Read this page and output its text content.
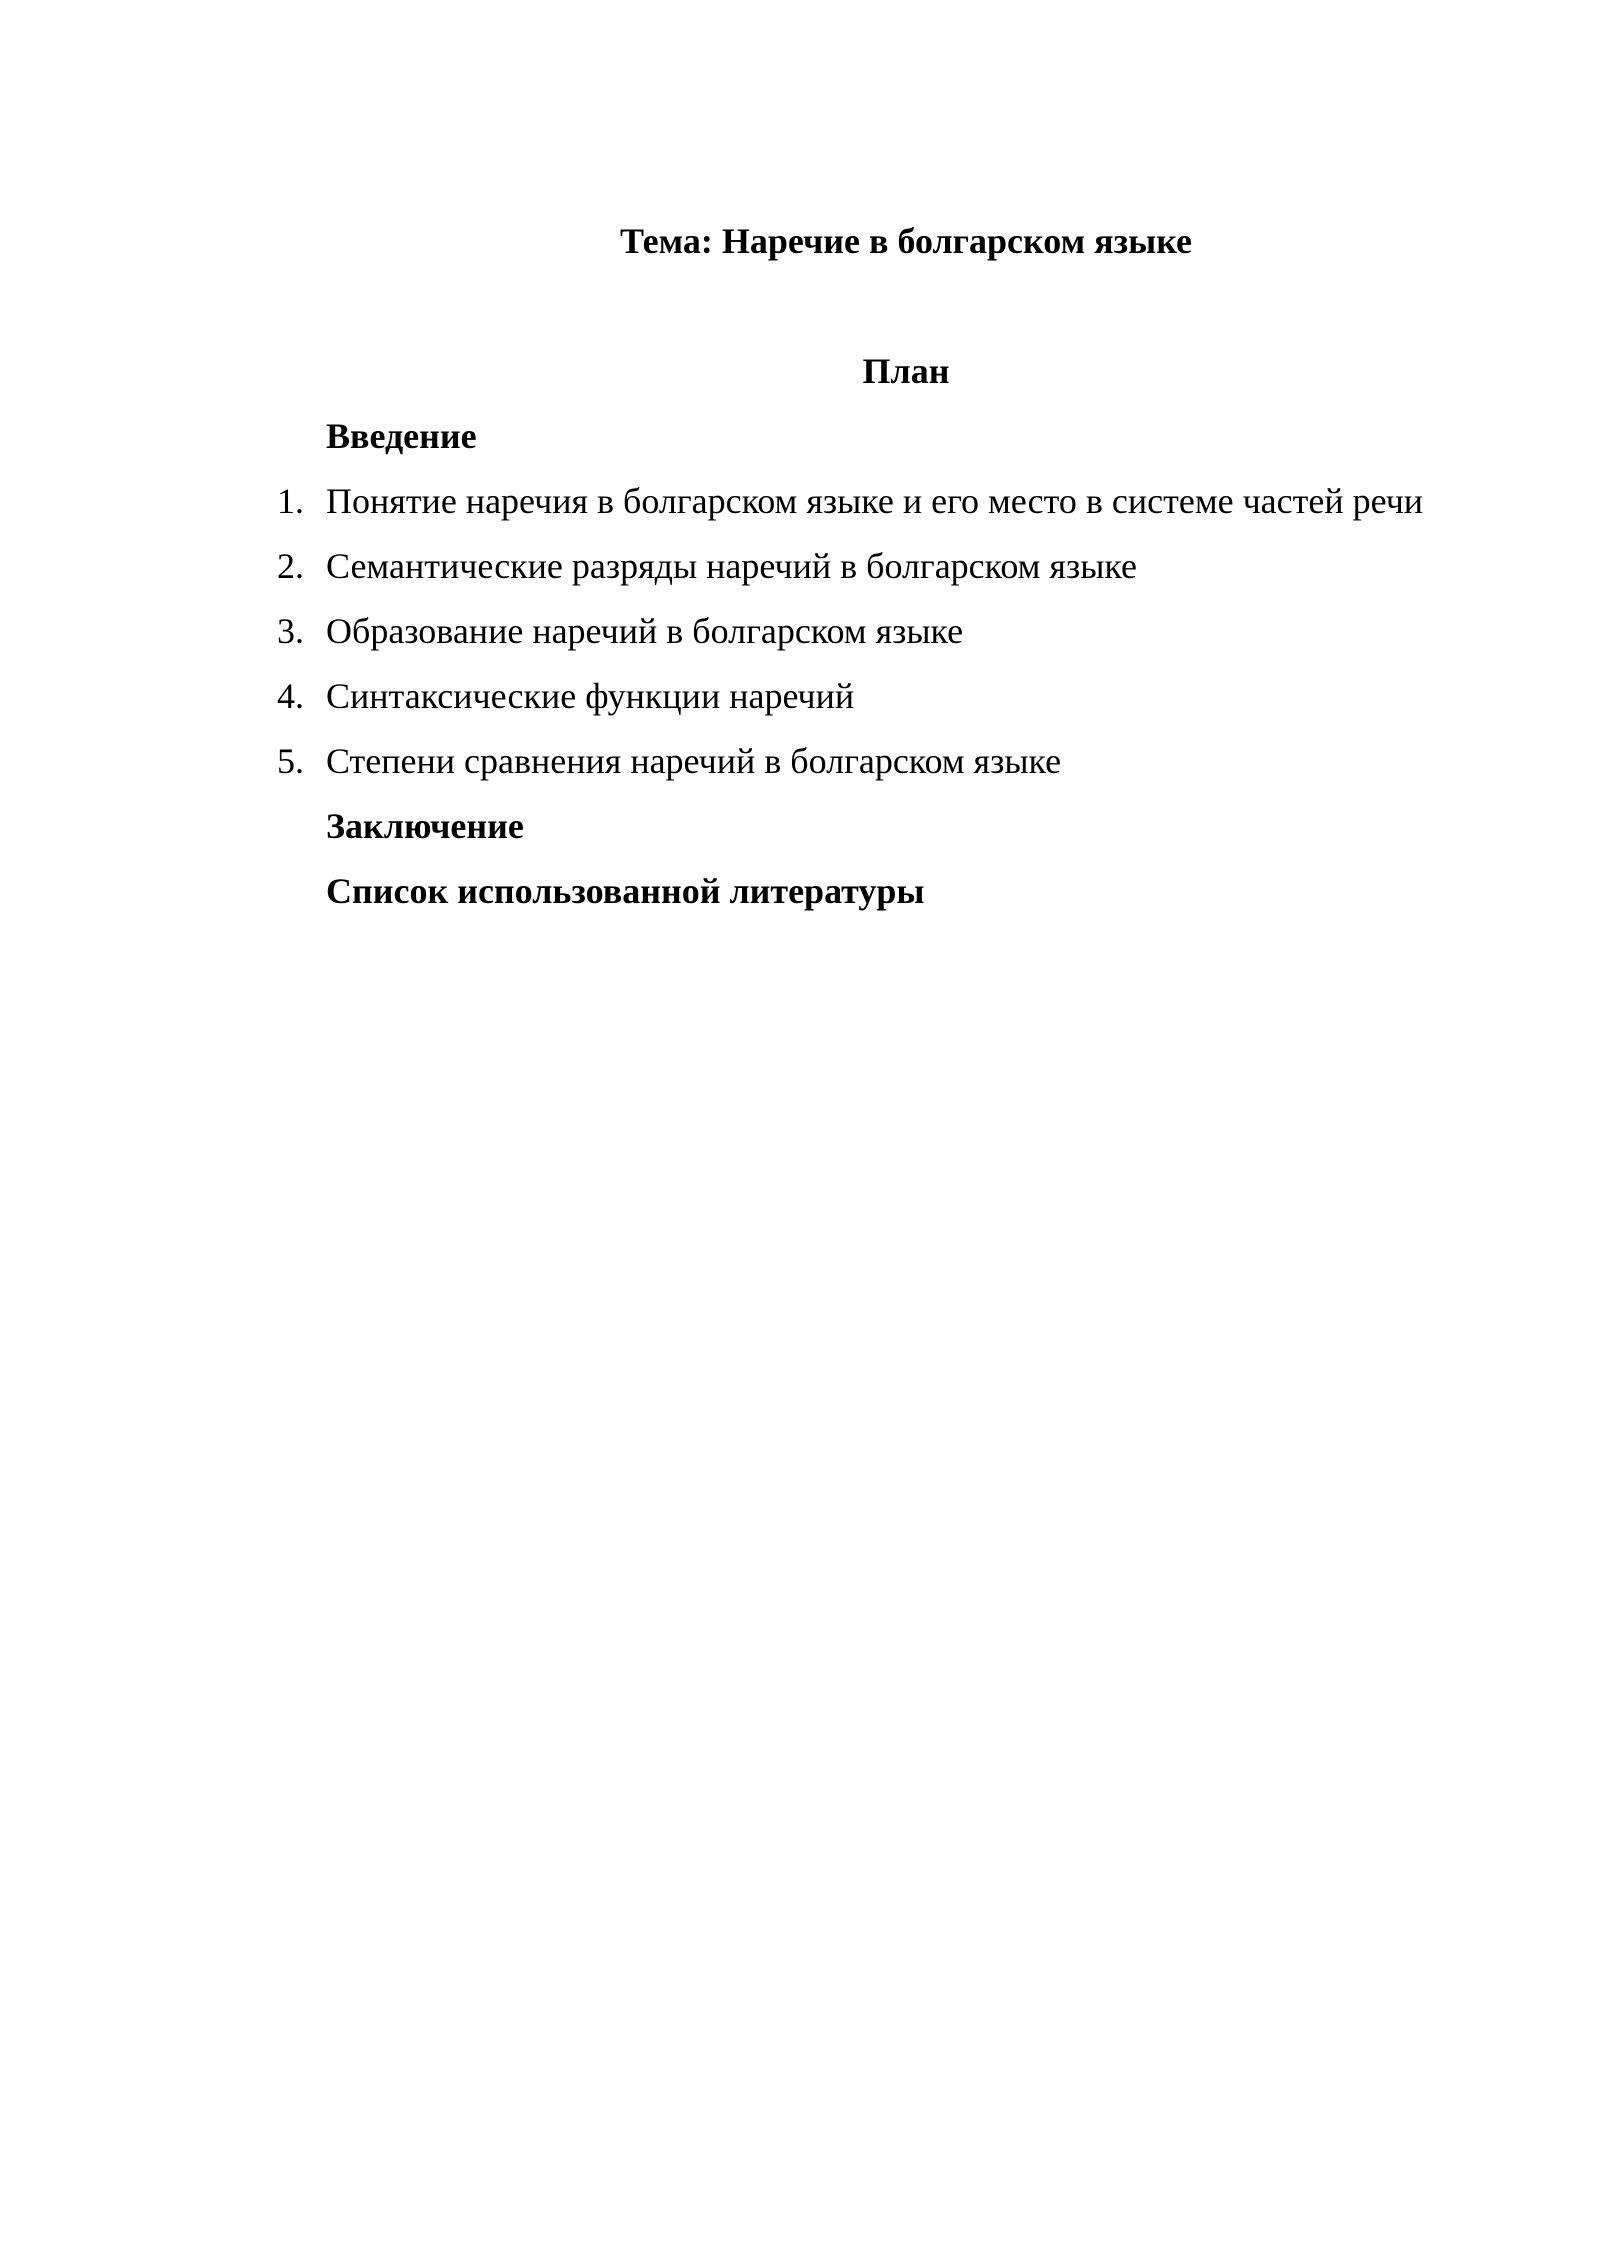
Тема: Наречие в болгарском языке
План
Введение
1. Понятие наречия в болгарском языке и его место в системе частей речи
2. Семантические разряды наречий в болгарском языке
3. Образование наречий в болгарском языке
4. Синтаксические функции наречий
5. Степени сравнения наречий в болгарском языке
Заключение
Список использованной литературы
